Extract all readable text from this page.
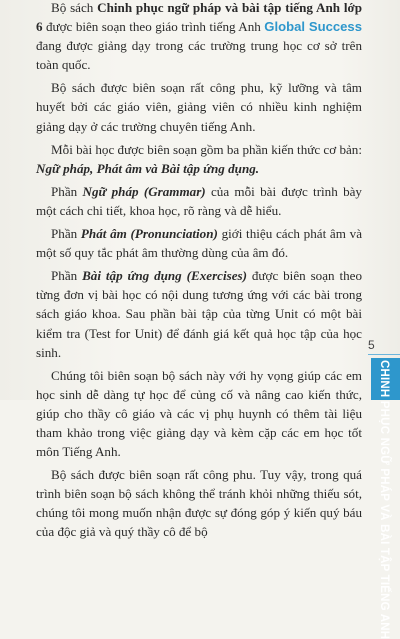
Bộ sách Chinh phục ngữ pháp và bài tập tiếng Anh lớp 6 được biên soạn theo giáo trình tiếng Anh Global Success đang được giảng dạy trong các trường trung học cơ sở trên toàn quốc.

Bộ sách được biên soạn rất công phu, kỹ lưỡng và tâm huyết bởi các giáo viên, giảng viên có nhiều kinh nghiệm giảng dạy ở các trường chuyên tiếng Anh.

Mỗi bài học được biên soạn gồm ba phần kiến thức cơ bản: Ngữ pháp, Phát âm và Bài tập ứng dụng.

Phần Ngữ pháp (Grammar) của mỗi bài được trình bày một cách chi tiết, khoa học, rõ ràng và dễ hiểu.

Phần Phát âm (Pronunciation) giới thiệu cách phát âm và một số quy tắc phát âm thường dùng của âm đó.

Phần Bài tập ứng dụng (Exercises) được biên soạn theo từng đơn vị bài học có nội dung tương ứng với các bài trong sách giáo khoa. Sau phần bài tập của từng Unit có một bài kiểm tra (Test for Unit) để đánh giá kết quả học tập của học sinh.

Chúng tôi biên soạn bộ sách này với hy vọng giúp các em học sinh dễ dàng tự học để củng cố và nâng cao kiến thức, giúp cho thầy cô giáo và các vị phụ huynh có thêm tài liệu tham khảo trong việc giảng dạy và kèm cặp các em học tốt môn Tiếng Anh.

Bộ sách được biên soạn rất công phu. Tuy vậy, trong quá trình biên soạn bộ sách không thể tránh khỏi những thiếu sót, chúng tôi mong muốn nhận được sự đóng góp ý kiến quý báu của độc giả và quý thầy cô để bộ

5
CHINH PHỤC NGỮ PHÁP VÀ BÀI TẬP TIẾNG ANH
